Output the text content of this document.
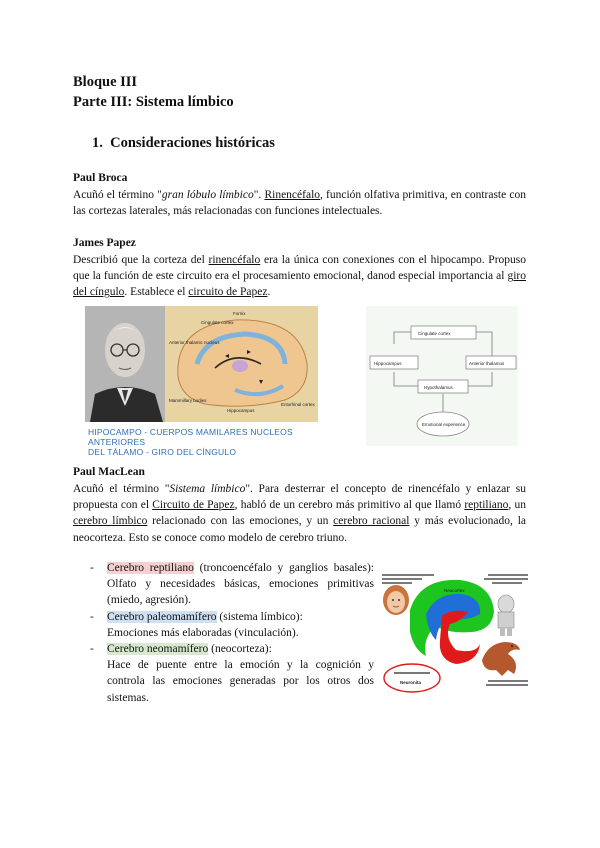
Bloque III
Parte III: Sistema límbico
1. Consideraciones históricas
Paul Broca

Acuñó el término "gran lóbulo límbico". Rinencéfalo, función olfativa primitiva, en contraste con las cortezas laterales, más relacionadas con funciones intelectuales.

James Papez

Describió que la corteza del rinencéfalo era la única con conexiones con el hipocampo. Propuso que la función de este circuito era el procesamiento emocional, danod especial importancia al giro del cíngulo. Establece el circuito de Papez.

Fornix
Cingulate cortex
Anterior thalamic nucleus
Mammillary bodies
Hippocampus
Entorhinal cortex
HIPOCAMPO - CUERPOS MAMILARES NUCLEOS ANTERIORES
DEL TÁLAMO - GIRO DEL CÍNGULO
Cingulate cortex
Hippocampus	Anterior thalamus
Hypothalamus
Emotional experience
Paul MacLean

Acuñó el término "Sistema límbico". Para desterrar el concepto de rinencéfalo y enlazar su propuesta con el Circuito de Papez, habló de un cerebro más primitivo al que llamó reptiliano, un cerebro límbico relacionado con las emociones, y un cerebro racional y más evolucionado, la neocorteza. Esto se conoce como modelo de cerebro triuno.

- Cerebro reptiliano (troncoencéfalo y ganglios basales): Olfato y necesidades básicas, emociones primitivas (miedo, agresión).
- Cerebro paleomamífero (sistema límbico):
Emociones más elaboradas (vinculación).
- Cerebro neomamífero (neocorteza):
Hace de puente entre la emoción y la cognición y controla las emociones generadas por los otros dos sistemas.
Neocortex
Neuronita
